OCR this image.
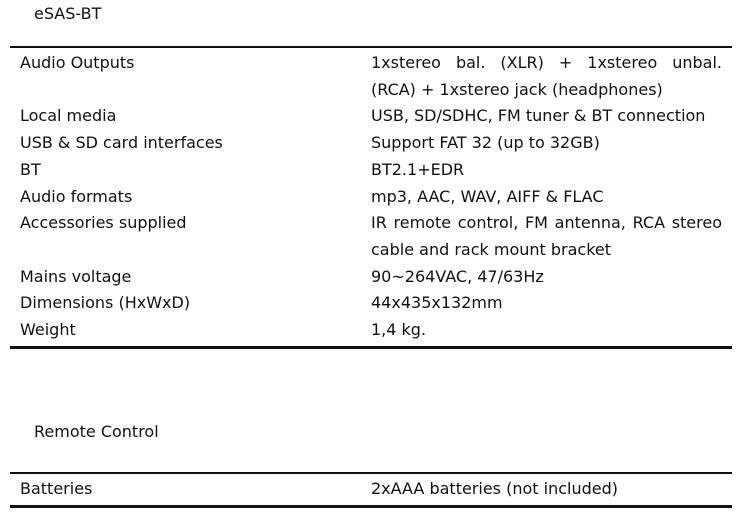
eSAS-BT
Audio Outputs	1xstereo bal. (XLR) + 1xstereo unbal. (RCA) + 1xstereo jack (headphones)
Local media	USB, SD/SDHC, FM tuner & BT connection
USB & SD card interfaces	Support FAT 32 (up to 32GB)
BT	BT2.1+EDR
Audio formats	mp3, AAC, WAV, AIFF & FLAC
Accessories supplied	IR remote control, FM antenna, RCA stereo cable and rack mount bracket
Mains voltage	90~264VAC, 47/63Hz
Dimensions (HxWxD)	44x435x132mm
Weight	1,4 kg.
Remote Control
Batteries	2xAAA batteries (not included)
